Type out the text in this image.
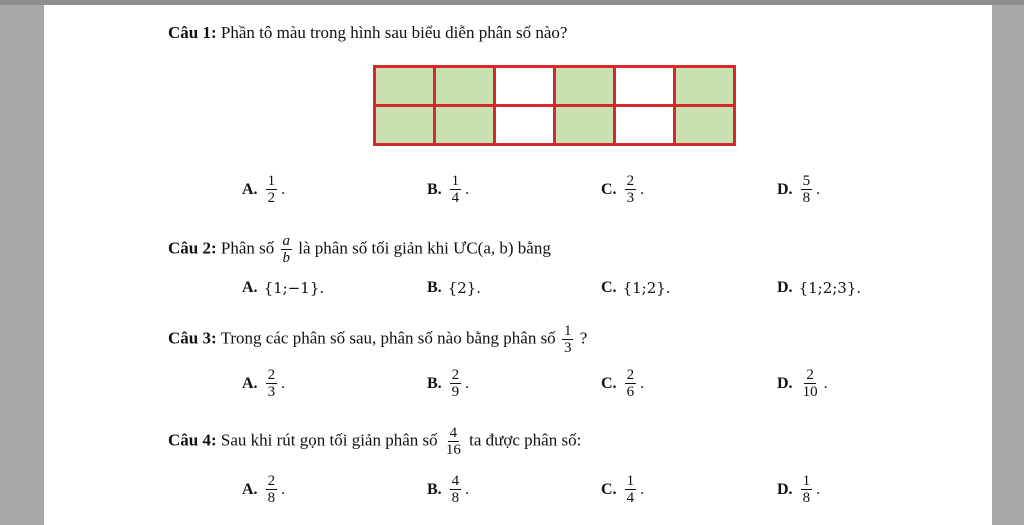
Câu 1: Phần tô màu trong hình sau biểu diễn phân số nào?
A. $\frac{1}{2}$ .	B. $\frac{1}{4}$ .	C. $\frac{2}{3}$ .	D. $\frac{5}{8}$ .
Câu 2: Phân số $\frac{a}{b}$ là phân số tối giản khi ƯC(a, b) bằng
A. {1;−1}.	B. {2}.	C. {1;2}.	D. {1;2;3}.
Câu 3: Trong các phân số sau, phân số nào bằng phân số $\frac{1}{3}$ ?
A. $\frac{2}{3}$ .	B. $\frac{2}{9}$ .	C. $\frac{2}{6}$ .	D. $\frac{2}{10}$ .
Câu 4: Sau khi rút gọn tối giản phân số $\frac{4}{16}$ ta được phân số:
A. $\frac{2}{8}$ .	B. $\frac{4}{8}$ .	C. $\frac{1}{4}$ .	D. $\frac{1}{8}$ .
